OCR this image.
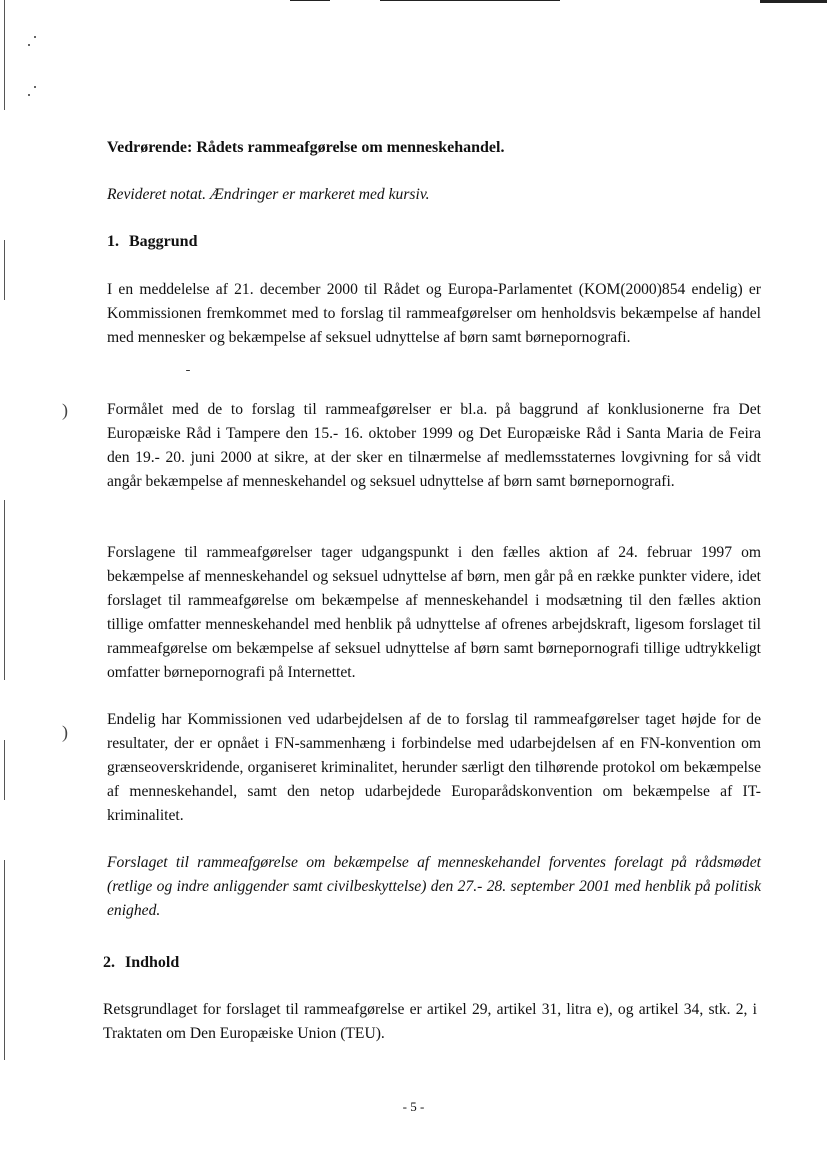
)
)
Vedrørende: Rådets rammeafgørelse om menneskehandel.
Revideret notat. Ændringer er markeret med kursiv.
1. Baggrund

I en meddelelse af 21. december 2000 til Rådet og Europa-Parlamentet (KOM(2000)854 endelig) er Kommissionen fremkommet med to forslag til rammeafgørelser om henholdsvis bekæmpelse af handel med mennesker og bekæmpelse af seksuel udnyttelse af børn samt børnepornografi.

Formålet med de to forslag til rammeafgørelser er bl.a. på baggrund af konklusionerne fra Det Europæiske Råd i Tampere den 15.- 16. oktober 1999 og Det Europæiske Råd i Santa Maria de Feira den 19.- 20. juni 2000 at sikre, at der sker en tilnærmelse af medlemsstaternes lovgivning for så vidt angår bekæmpelse af menneskehandel og seksuel udnyttelse af børn samt børnepornografi.

Forslagene til rammeafgørelser tager udgangspunkt i den fælles aktion af 24. februar 1997 om bekæmpelse af menneskehandel og seksuel udnyttelse af børn, men går på en række punkter videre, idet forslaget til rammeafgørelse om bekæmpelse af menneskehandel i modsætning til den fælles aktion tillige omfatter menneskehandel med henblik på udnyttelse af ofrenes arbejdskraft, ligesom forslaget til rammeafgørelse om bekæmpelse af seksuel udnyttelse af børn samt børnepornografi tillige udtrykkeligt omfatter børnepornografi på Internettet.

Endelig har Kommissionen ved udarbejdelsen af de to forslag til rammeafgørelser taget højde for de resultater, der er opnået i FN-sammenhæng i forbindelse med udarbejdelsen af en FN-konvention om grænseoverskridende, organiseret kriminalitet, herunder særligt den tilhørende protokol om bekæmpelse af menneskehandel, samt den netop udarbejdede Europarådskonvention om bekæmpelse af IT-kriminalitet.

Forslaget til rammeafgørelse om bekæmpelse af menneskehandel forventes forelagt på rådsmødet (retlige og indre anliggender samt civilbeskyttelse) den 27.- 28. september 2001 med henblik på politisk enighed.

2. Indhold

Retsgrundlaget for forslaget til rammeafgørelse er artikel 29, artikel 31, litra e), og artikel 34, stk. 2, i Traktaten om Den Europæiske Union (TEU).

- 5 -
